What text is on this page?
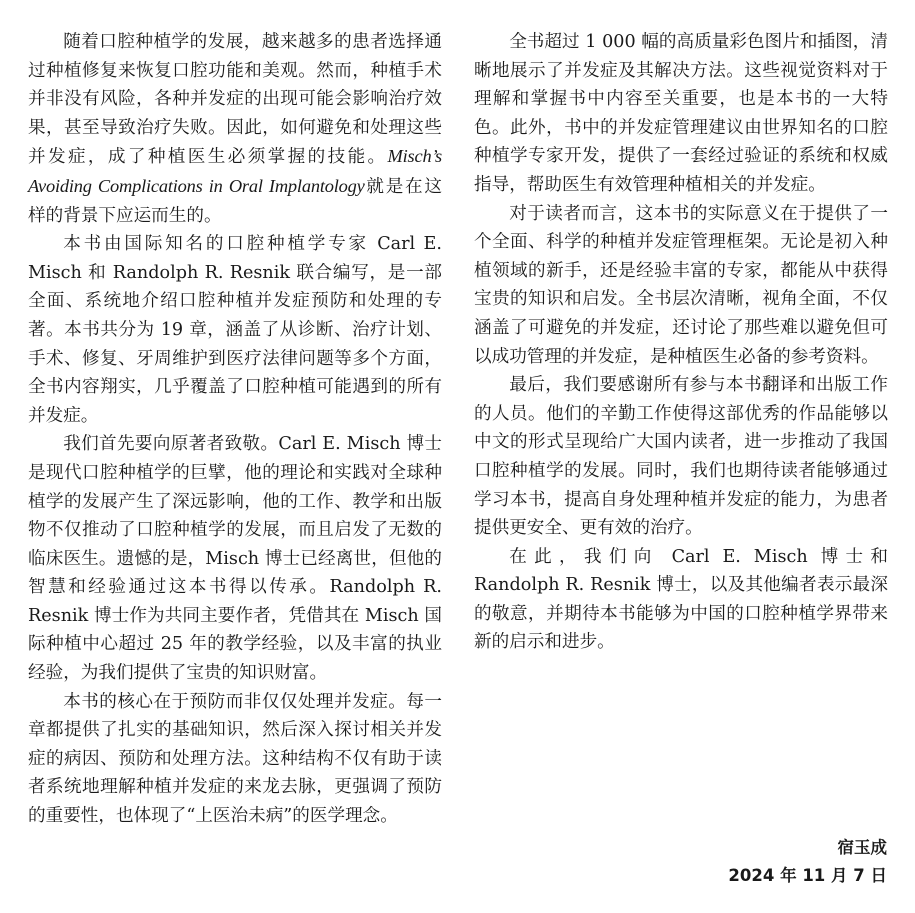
随着口腔种植学的发展，越来越多的患者选择通过种植修复来恢复口腔功能和美观。然而，种植手术并非没有风险，各种并发症的出现可能会影响治疗效果，甚至导致治疗失败。因此，如何避免和处理这些并发症，成了种植医生必须掌握的技能。Misch’s Avoiding Complications in Oral Implantology就是在这样的背景下应运而生的。

本书由国际知名的口腔种植学专家 Carl E. Misch 和 Randolph R. Resnik 联合编写，是一部全面、系统地介绍口腔种植并发症预防和处理的专著。本书共分为 19 章，涵盖了从诊断、治疗计划、手术、修复、牙周维护到医疗法律问题等多个方面，全书内容翔实，几乎覆盖了口腔种植可能遇到的所有并发症。

我们首先要向原著者致敬。Carl E. Misch 博士是现代口腔种植学的巨擘，他的理论和实践对全球种植学的发展产生了深远影响，他的工作、教学和出版物不仅推动了口腔种植学的发展，而且启发了无数的临床医生。遗憾的是，Misch 博士已经离世，但他的智慧和经验通过这本书得以传承。Randolph R. Resnik 博士作为共同主要作者，凭借其在 Misch 国际种植中心超过 25 年的教学经验，以及丰富的执业经验，为我们提供了宝贵的知识财富。

本书的核心在于预防而非仅仅处理并发症。每一章都提供了扎实的基础知识，然后深入探讨相关并发症的病因、预防和处理方法。这种结构不仅有助于读者系统地理解种植并发症的来龙去脉，更强调了预防的重要性，也体现了“上医治未病”的医学理念。

全书超过 1 000 幅的高质量彩色图片和插图，清晰地展示了并发症及其解决方法。这些视觉资料对于理解和掌握书中内容至关重要，也是本书的一大特色。此外，书中的并发症管理建议由世界知名的口腔种植学专家开发，提供了一套经过验证的系统和权威指导，帮助医生有效管理种植相关的并发症。

对于读者而言，这本书的实际意义在于提供了一个全面、科学的种植并发症管理框架。无论是初入种植领域的新手，还是经验丰富的专家，都能从中获得宝贵的知识和启发。全书层次清晰，视角全面，不仅涵盖了可避免的并发症，还讨论了那些难以避免但可以成功管理的并发症，是种植医生必备的参考资料。

最后，我们要感谢所有参与本书翻译和出版工作的人员。他们的辛勤工作使得这部优秀的作品能够以中文的形式呈现给广大国内读者，进一步推动了我国口腔种植学的发展。同时，我们也期待读者能够通过学习本书，提高自身处理种植并发症的能力，为患者提供更安全、更有效的治疗。

在此，我们向 Carl E. Misch 博士和 Randolph R. Resnik 博士，以及其他编者表示最深的敬意，并期待本书能够为中国的口腔种植学界带来新的启示和进步。

宿玉成
2024 年 11 月 7 日
